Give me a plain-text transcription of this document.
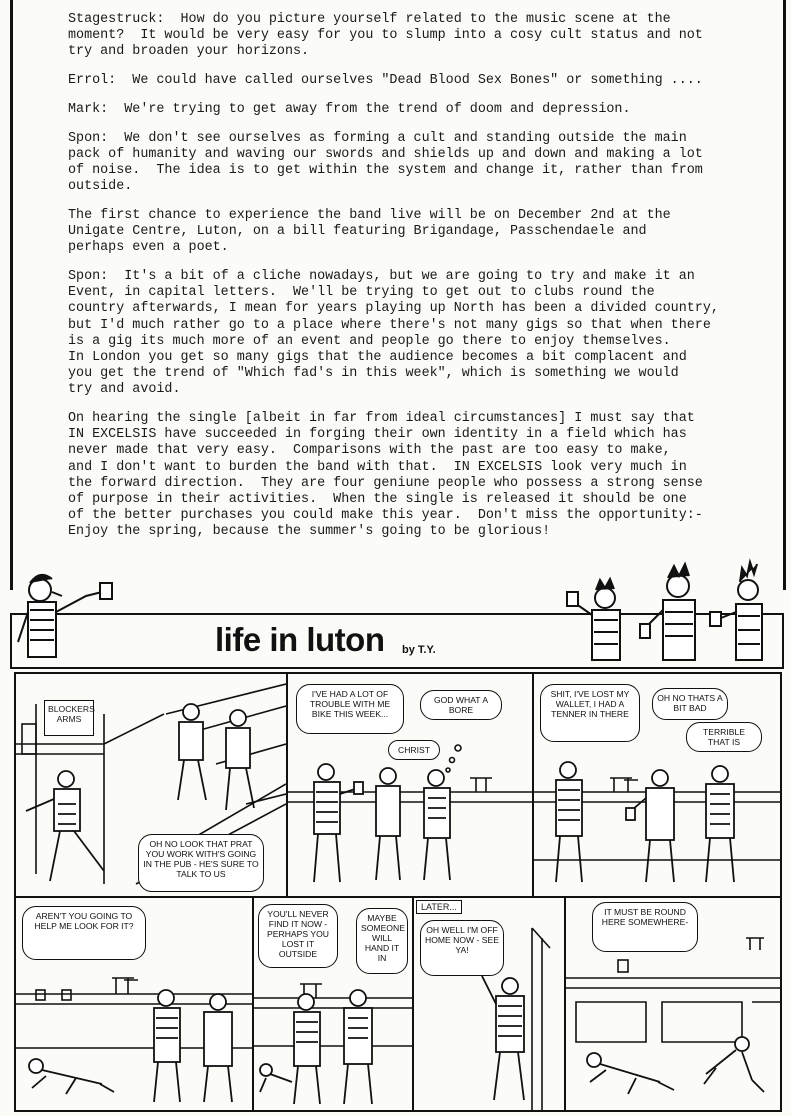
Stagestruck:  How do you picture yourself related to the music scene at the
moment?  It would be very easy for you to slump into a cosy cult status and not
try and broaden your horizons.

Errol:  We could have called ourselves "Dead Blood Sex Bones" or something ....

Mark:  We're trying to get away from the trend of doom and depression.

Spon:  We don't see ourselves as forming a cult and standing outside the main
pack of humanity and waving our swords and shields up and down and making a lot
of noise.  The idea is to get within the system and change it, rather than from
outside.

The first chance to experience the band live will be on December 2nd at the
Unigate Centre, Luton, on a bill featuring Brigandage, Passchendaele and
perhaps even a poet.

Spon:  It's a bit of a cliche nowadays, but we are going to try and make it an
Event, in capital letters.  We'll be trying to get out to clubs round the
country afterwards, I mean for years playing up North has been a divided country,
but I'd much rather go to a place where there's not many gigs so that when there
is a gig its much more of an event and people go there to enjoy themselves.
In London you get so many gigs that the audience becomes a bit complacent and
you get the trend of "Which fad's in this week", which is something we would
try and avoid.

On hearing the single [albeit in far from ideal circumstances] I must say that
IN EXCELSIS have succeeded in forging their own identity in a field which has
never made that very easy.  Comparisons with the past are too easy to make,
and I don't want to burden the band with that.  IN EXCELSIS look very much in
the forward direction.  They are four geniune people who possess a strong sense
of purpose in their activities.  When the single is released it should be one
of the better purchases you could make this year.  Don't miss the opportunity:-
Enjoy the spring, because the summer's going to be glorious!

life in luton by T.Y.
BLOCKERS
ARMS
OH NO LOOK THAT PRAT YOU WORK WITH'S GOING IN THE PUB - HE'S SURE TO TALK TO US
I'VE HAD A LOT OF TROUBLE WITH ME BIKE THIS WEEK...
GOD WHAT A BORE
CHRIST
SHIT, I'VE LOST MY WALLET, I HAD A TENNER IN THERE
OH NO THATS A BIT BAD
TERRIBLE THAT IS
AREN'T YOU GOING TO HELP ME LOOK FOR IT?
YOU'LL NEVER FIND IT NOW - PERHAPS YOU LOST IT OUTSIDE
MAYBE SOMEONE WILL HAND IT IN
LATER...
OH WELL I'M OFF HOME NOW - SEE YA!
IT MUST BE ROUND HERE SOMEWHERE-
